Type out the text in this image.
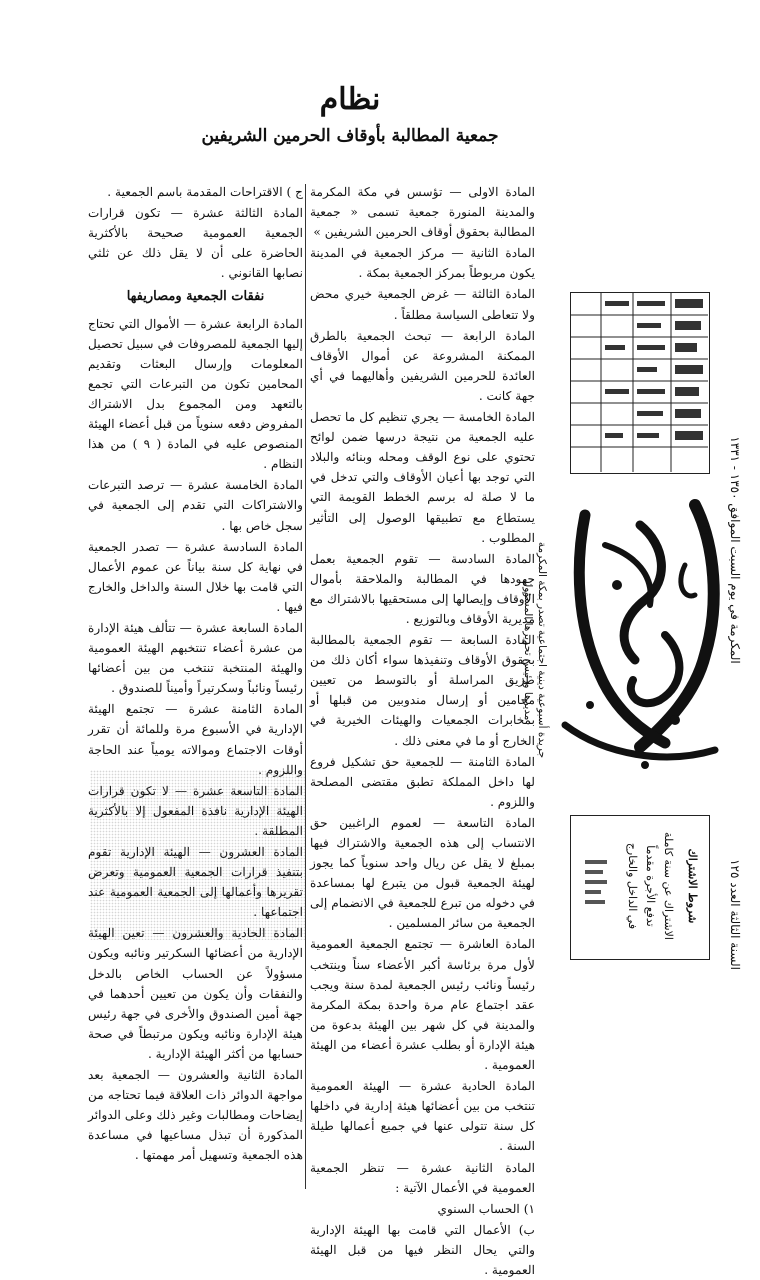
نظام
جمعية المطالبة بأوقاف الحرمين الشريفين

المادة الاولى — تؤسس في مكة المكرمة والمدينة المنورة جمعية تسمى « جمعية المطالبة بحقوق أوقاف الحرمين الشريفين »

المادة الثانية — مركز الجمعية في المدينة يكون مربوطاً بمركز الجمعية بمكة .

المادة الثالثة — غرض الجمعية خيري محض ولا تتعاطى السياسة مطلقاً .

المادة الرابعة — تبحث الجمعية بالطرق الممكنة المشروعة عن أموال الأوقاف العائدة للحرمين الشريفين وأهاليهما في أي جهة كانت .

المادة الخامسة — يجري تنظيم كل ما تحصل عليه الجمعية من نتيجة درسها ضمن لوائح تحتوي على نوع الوقف ومحله وبنائه والبلاد التي توجد بها أعيان الأوقاف والتي تدخل في ما لا صلة له برسم الخطط القويمة التي يستطاع مع تطبيقها الوصول إلى التأثير المطلوب .

المادة السادسة — تقوم الجمعية بعمل جهودها في المطالبة والملاحقة بأموال الأوقاف وإيصالها إلى مستحقيها بالاشتراك مع مديرية الأوقاف وبالتوزيع .

المادة السابعة — تقوم الجمعية بالمطالبة بحقوق الأوقاف وتنفيذها سواء أكان ذلك من طريق المراسلة أو بالتوسط من تعيين محامين أو إرسال مندوبين من قبلها أو بمخابرات الجمعيات والهيئات الخيرية في الخارج أو ما في معنى ذلك .

المادة الثامنة — للجمعية حق تشكيل فروع لها داخل المملكة تطبق مقتضى المصلحة واللزوم .

المادة التاسعة — لعموم الراغبين حق الانتساب إلى هذه الجمعية والاشتراك فيها بمبلغ لا يقل عن ريال واحد سنوياً كما يجوز لهيئة الجمعية قبول من يتبرع لها بمساعدة في دخوله من تبرع للجمعية في الانضمام إلى الجمعية من سائر المسلمين .

المادة العاشرة — تجتمع الجمعية العمومية لأول مرة برئاسة أكبر الأعضاء سناً وينتخب رئيساً ونائب رئيس الجمعية لمدة سنة ويجب عقد اجتماع عام مرة واحدة بمكة المكرمة والمدينة في كل شهر بين الهيئة بدعوة من هيئة الإدارة أو بطلب عشرة أعضاء من الهيئة العمومية .

المادة الحادية عشرة — الهيئة العمومية تنتخب من بين أعضائها هيئة إدارية في داخلها كل سنة تتولى عنها في جميع أعمالها طيلة السنة .

المادة الثانية عشرة — تنظر الجمعية العمومية في الأعمال الآتية :

١) الحساب السنوي

ب) الأعمال التي قامت بها الهيئة الإدارية والتي يحال النظر فيها من قبل الهيئة العمومية .

ج ) الاقتراحات المقدمة باسم الجمعية .

المادة الثالثة عشرة — تكون قرارات الجمعية العمومية صحيحة بالأكثرية الحاضرة على أن لا يقل ذلك عن ثلثي نصابها القانوني .

نفقات الجمعية ومصاريفها

المادة الرابعة عشرة — الأموال التي تحتاج إليها الجمعية للمصروفات في سبيل تحصيل المعلومات وإرسال البعثات وتقديم المحامين تكون من التبرعات التي تجمع بالتعهد ومن المجموع بدل الاشتراك المفروض دفعه سنوياً من قبل أعضاء الهيئة المنصوص عليه في المادة ( ٩ ) من هذا النظام .

المادة الخامسة عشرة — ترصد التبرعات والاشتراكات التي تقدم إلى الجمعية في سجل خاص بها .

المادة السادسة عشرة — تصدر الجمعية في نهاية كل سنة بياناً عن عموم الأعمال التي قامت بها خلال السنة والداخل والخارج فيها .

المادة السابعة عشرة — تتألف هيئة الإدارة من عشرة أعضاء تنتخبهم الهيئة العمومية والهيئة المنتخبة تنتخب من بين أعضائها رئيساً ونائباً وسكرتيراً وأميناً للصندوق .

المادة الثامنة عشرة — تجتمع الهيئة الإدارية في الأسبوع مرة وللمائة أن تقرر أوقات الاجتماع وموالاته يومياً عند الحاجة واللزوم .

المادة التاسعة عشرة — لا تكون قرارات الهيئة الإدارية نافذة المفعول إلا بالأكثرية المطلقة .

المادة العشرون — الهيئة الإدارية تقوم بتنفيذ قرارات الجمعية العمومية وتعرض تقريرها وأعمالها إلى الجمعية العمومية عند اجتماعها .

المادة الحادية والعشرون — تعين الهيئة الإدارية من أعضائها السكرتير ونائبه ويكون مسؤولاً عن الحساب الخاص بالدخل والنفقات وأن يكون من تعيين أحدهما في جهة أمين الصندوق والأخرى في جهة رئيس هيئة الإدارة ونائبه ويكون مرتبطاً في صحة حسابها من أكثر الهيئة الإدارية .

المادة الثانية والعشرون — الجمعية بعد مواجهة الدوائر ذات العلاقة فيما تحتاجه من إيضاحات ومطالبات وغير ذلك وعلى الدوائر المذكورة أن تبذل مساعيها في مساعدة هذه الجمعية وتسهيل أمر مهمتها .

المكرمة في يوم السبت الموافق ١٣٥٠ - ١٣٣١
جريدة أسبوعية دينية اجتماعية تصدر بمكة المكرمة
مديرها ورئيس تحريرها المسؤول
شروط الاشتراك
الاشتراك عن سنة كاملة
تدفع الأجرة مقدماً
في الداخل والخارج	السنة الثالثة العدد ١٢٥
